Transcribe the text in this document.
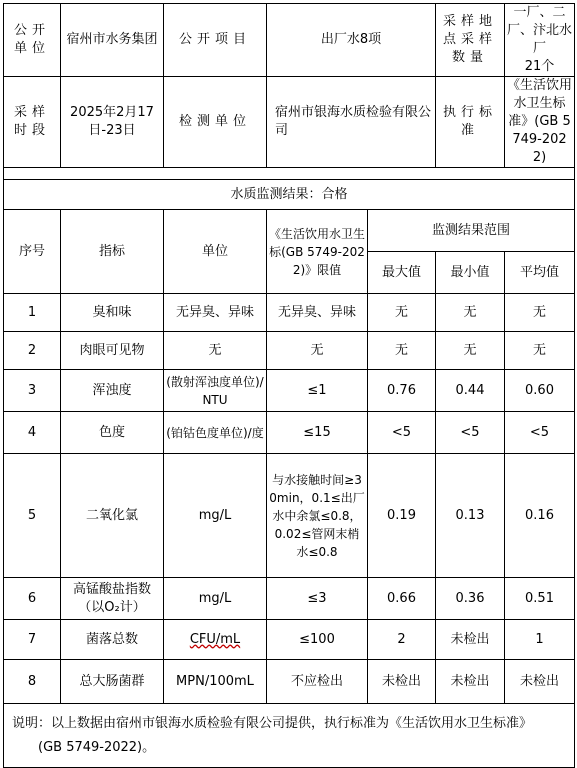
公开单位	宿州市水务集团	公开项目	出厂水8项		采样地点采样数量	一厂、二厂、汴北水厂
21个

采样时段	2025年2月17日-23日	检测单位	宿州市银海水质检验有限公司		执行标准	《生活饮用水卫生标准》(GB 5749-2022)

水质监测结果：合格						
序号	指标	单位	《生活饮用水卫生标(GB 5749-2022)》限值	监测结果范围		
				最大值	最小值	平均值
1	臭和味	无异臭、异味	无异臭、异味	无	无	无
2	肉眼可见物	无	无	无	无	无
3	浑浊度	(散射浑浊度单位)/NTU	≤1	0.76	0.44	0.60
4	色度	(铂钴色度单位)/度	≤15	<5	<5	<5
5	二氧化氯	mg/L	与水接触时间≥30min，0.1≤出厂水中余氯≤0.8，0.02≤管网末梢水≤0.8	0.19	0.13	0.16
6	高锰酸盐指数（以O₂计）	mg/L	≤3	0.66	0.36	0.51
7	菌落总数	CFU/mL	≤100	2	未检出	1
8	总大肠菌群	MPN/100mL	不应检出	未检出	未检出	未检出

说明：以上数据由宿州市银海水质检验有限公司提供，执行标准为《生活饮用水卫生标准》
(GB 5749-2022)。						
